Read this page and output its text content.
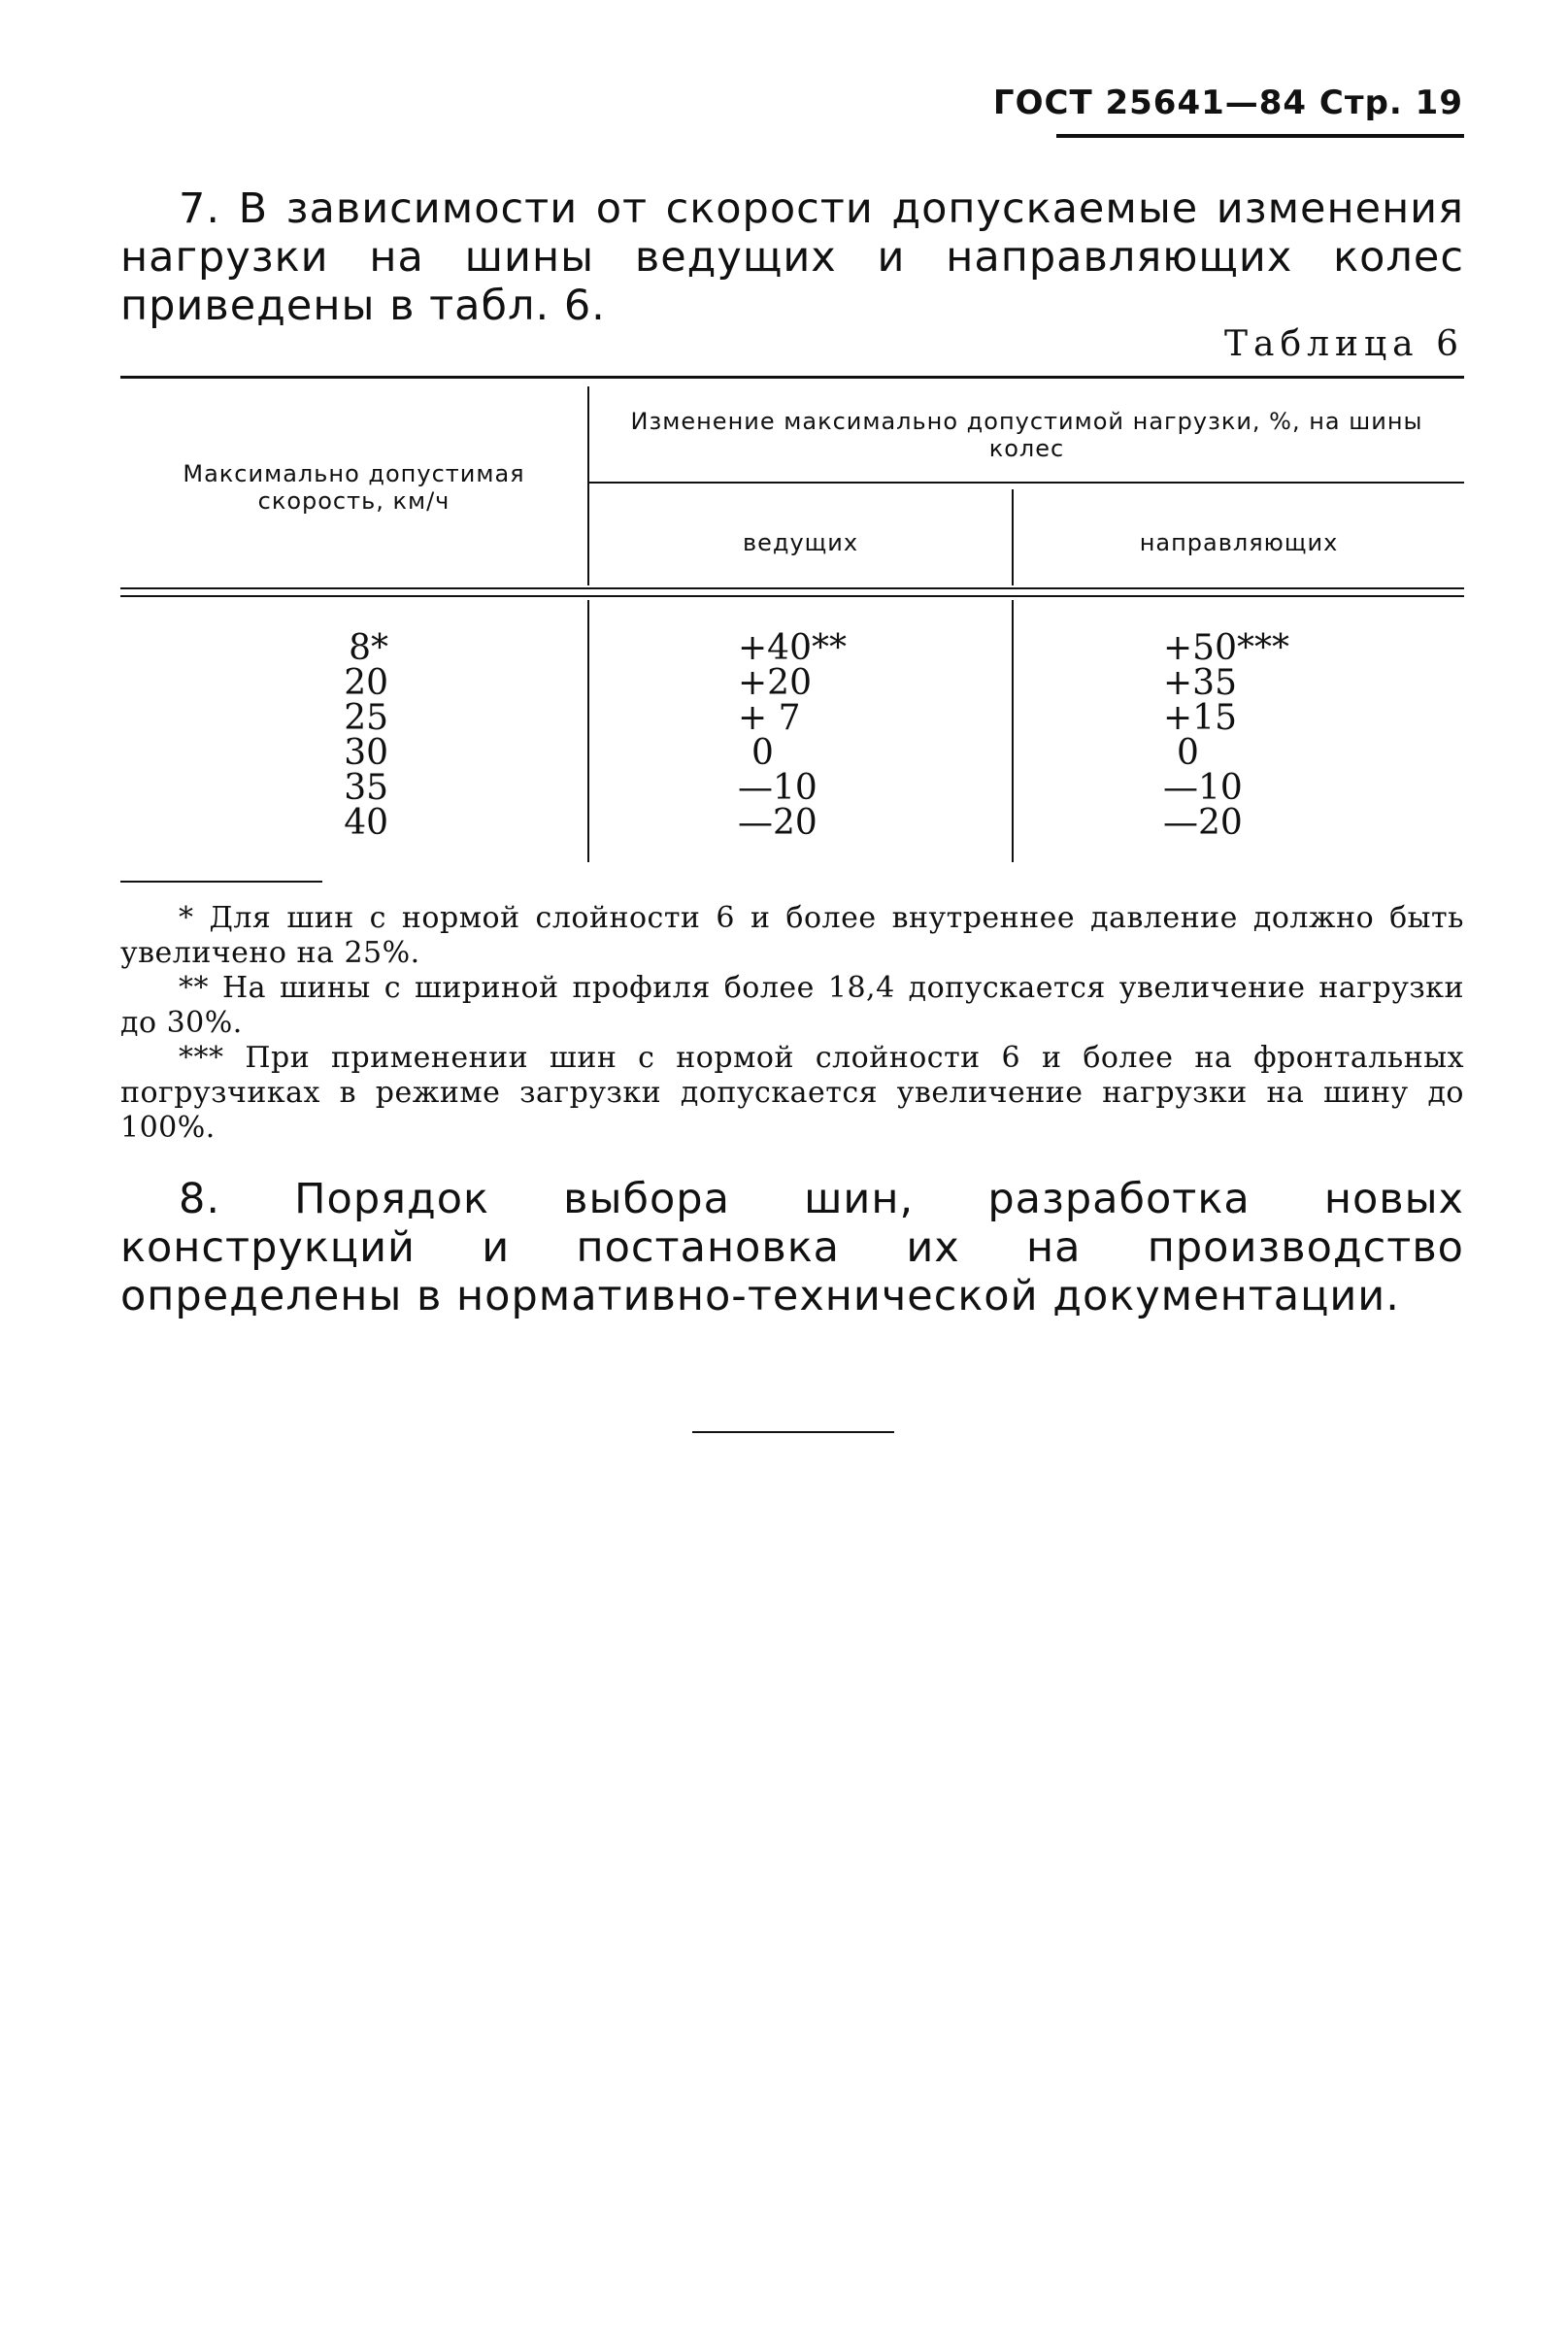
ГОСТ 25641—84 Стр. 19
7. В зависимости от скорости допускаемые изменения нагрузки на шины ведущих и направляющих колес приведены в табл. 6.
Таблица 6
Максимально допустимая скорость, км/ч
Изменение максимально допустимой нагрузки, %, на шины колес
ведущих	направляющих
8*
20
25
30
35
40
+40**
+20
+ 7
0
—10
—20
+50***
+35
+15
0
—10
—20
* Для шин с нормой слойности 6 и более внутреннее давление должно быть увеличено на 25%.
** На шины с шириной профиля более 18,4 допускается увеличение нагрузки до 30%.
*** При применении шин с нормой слойности 6 и более на фронтальных погрузчиках в режиме загрузки допускается увеличение нагрузки на шину до 100%.
8. Порядок выбора шин, разработка новых конструкций и постановка их на производство определены в нормативно-технической документации.
